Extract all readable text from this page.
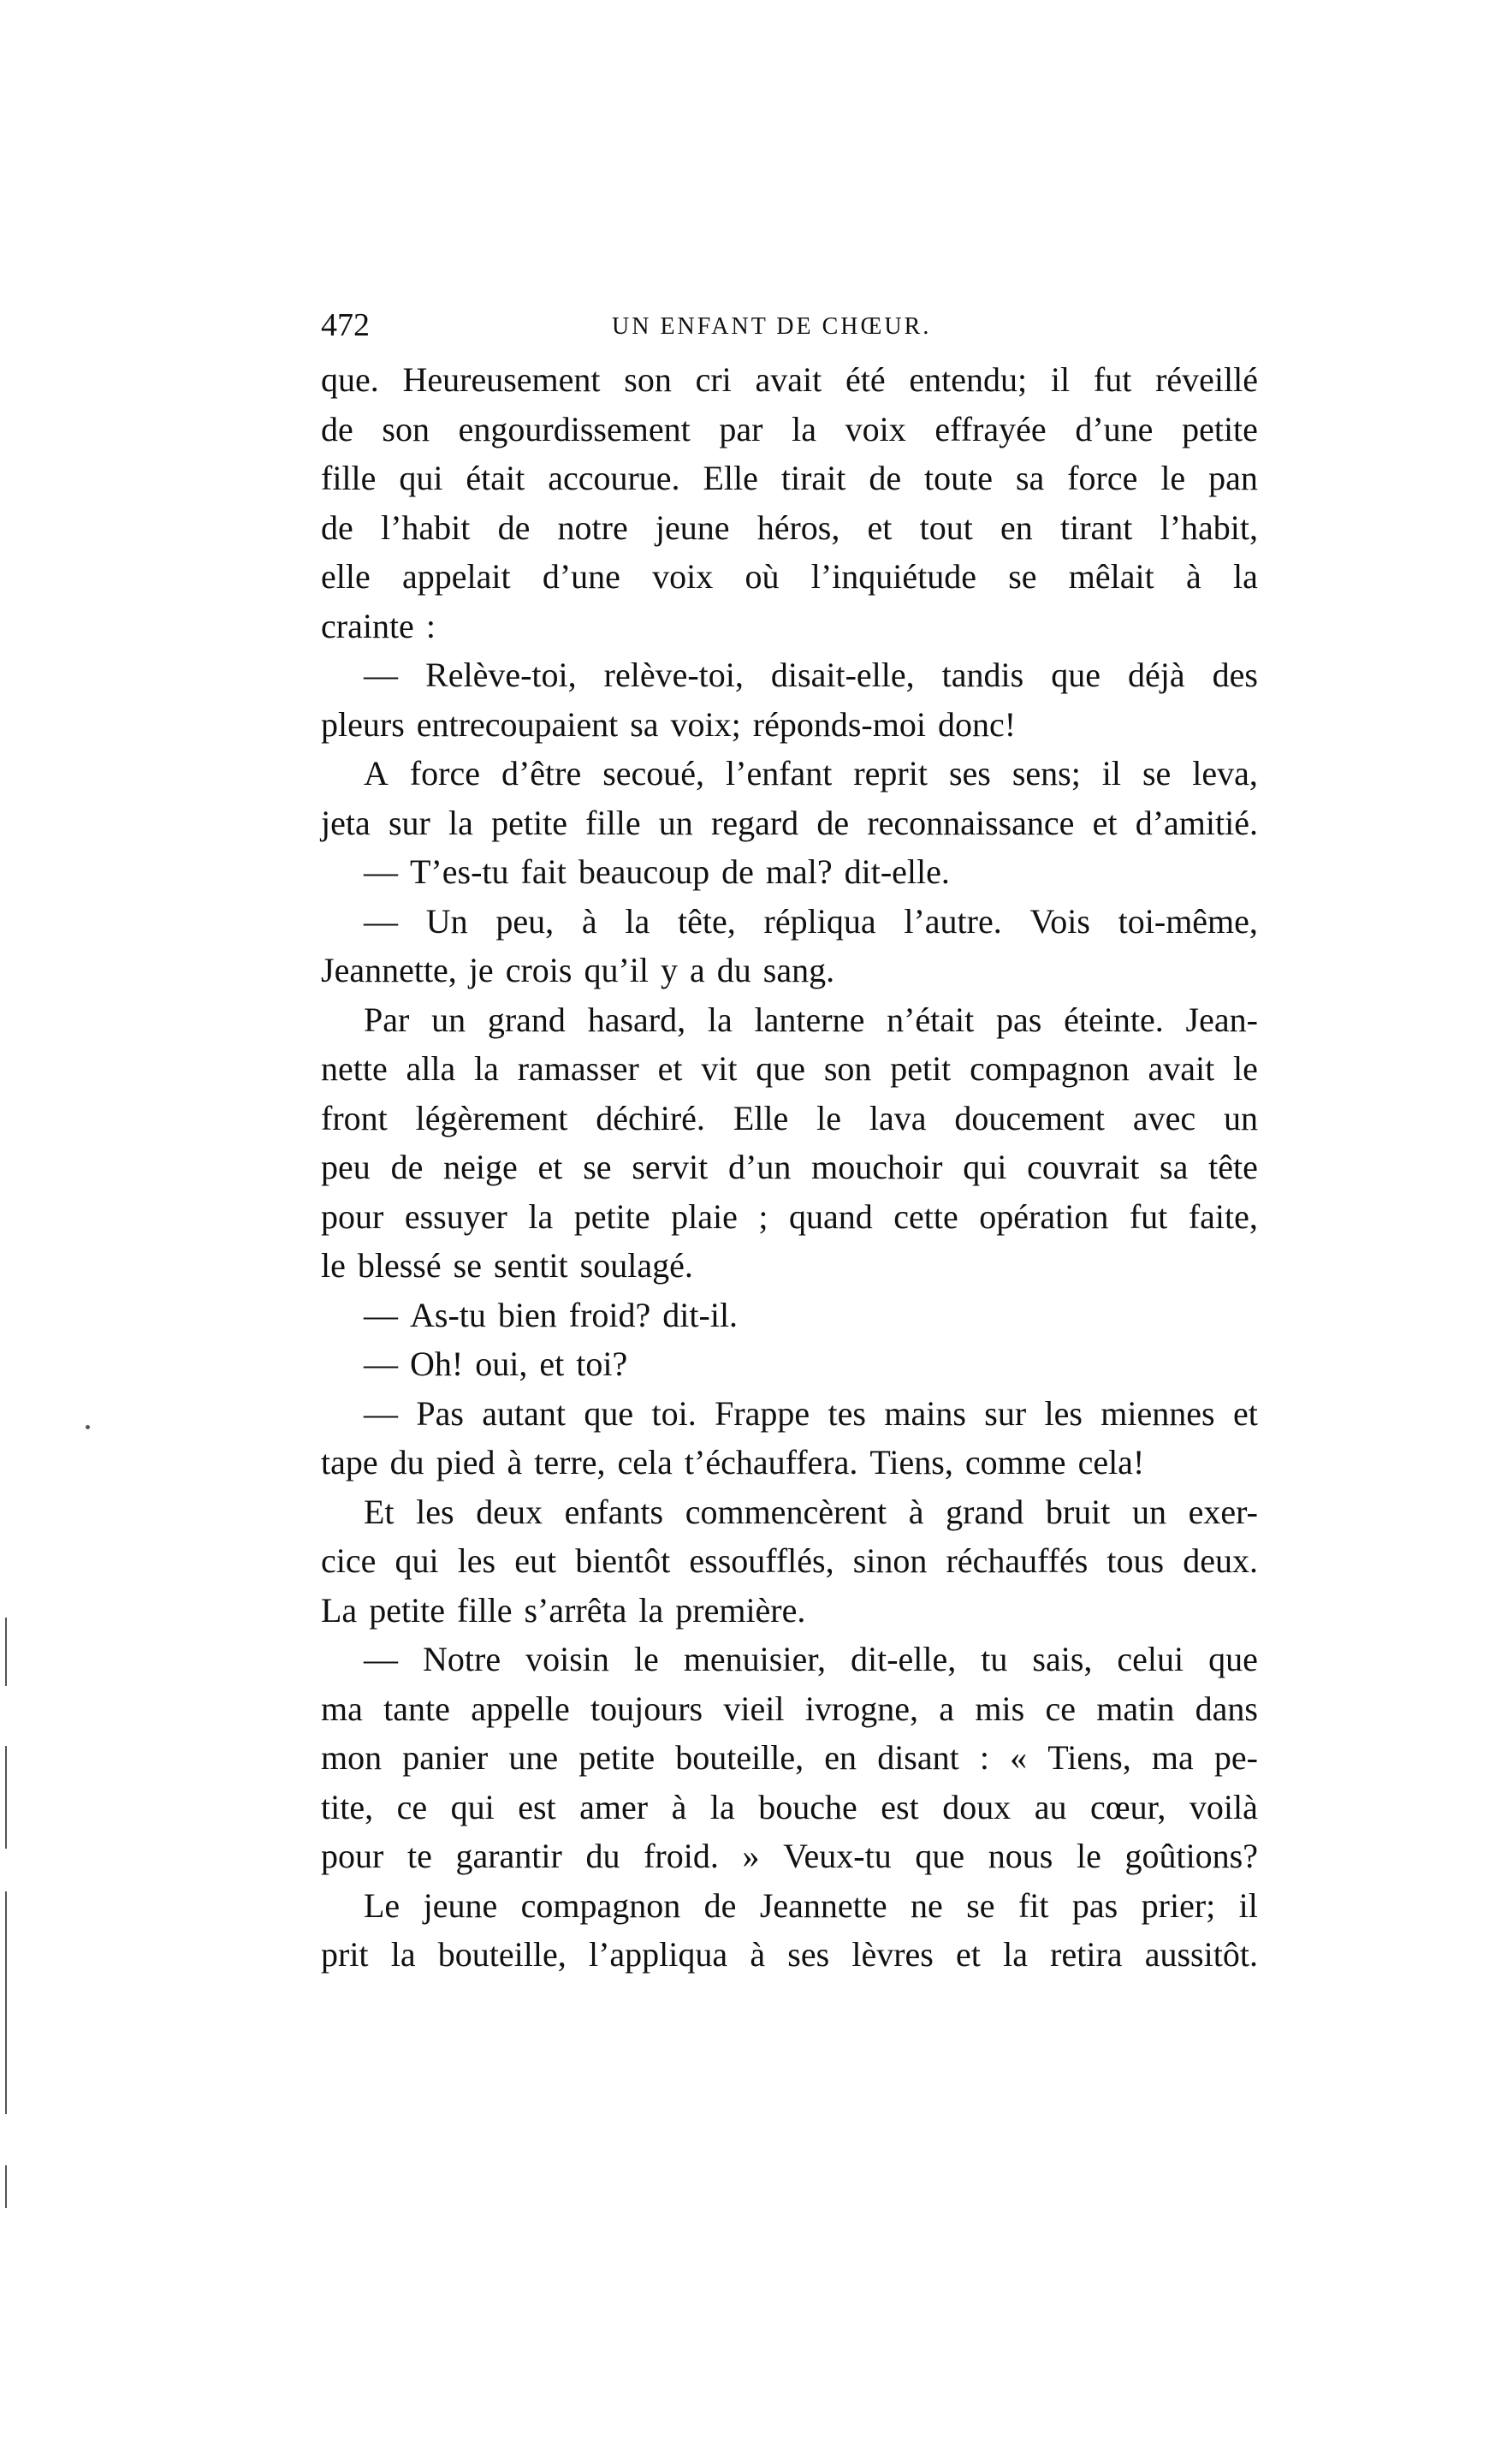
472	UN ENFANT DE CHŒUR.
que. Heureusement son cri avait été entendu; il fut réveillé
de son engourdissement par la voix effrayée d’une petite
fille qui était accourue. Elle tirait de toute sa force le pan
de l’habit de notre jeune héros, et tout en tirant l’habit,
elle appelait d’une voix où l’inquiétude se mêlait à la
crainte :
— Relève-toi, relève-toi, disait-elle, tandis que déjà des
pleurs entrecoupaient sa voix; réponds-moi donc!
A force d’être secoué, l’enfant reprit ses sens; il se leva,
jeta sur la petite fille un regard de reconnaissance et d’amitié.
— T’es-tu fait beaucoup de mal? dit-elle.
— Un peu, à la tête, répliqua l’autre. Vois toi-même,
Jeannette, je crois qu’il y a du sang.
Par un grand hasard, la lanterne n’était pas éteinte. Jean-
nette alla la ramasser et vit que son petit compagnon avait le
front légèrement déchiré. Elle le lava doucement avec un
peu de neige et se servit d’un mouchoir qui couvrait sa tête
pour essuyer la petite plaie ; quand cette opération fut faite,
le blessé se sentit soulagé.
— As-tu bien froid? dit-il.
— Oh! oui, et toi?
— Pas autant que toi. Frappe tes mains sur les miennes et
tape du pied à terre, cela t’échauffera. Tiens, comme cela!
Et les deux enfants commencèrent à grand bruit un exer-
cice qui les eut bientôt essoufflés, sinon réchauffés tous deux.
La petite fille s’arrêta la première.
— Notre voisin le menuisier, dit-elle, tu sais, celui que
ma tante appelle toujours vieil ivrogne, a mis ce matin dans
mon panier une petite bouteille, en disant : « Tiens, ma pe-
tite, ce qui est amer à la bouche est doux au cœur, voilà
pour te garantir du froid. » Veux-tu que nous le goûtions?
Le jeune compagnon de Jeannette ne se fit pas prier; il
prit la bouteille, l’appliqua à ses lèvres et la retira aussitôt.
